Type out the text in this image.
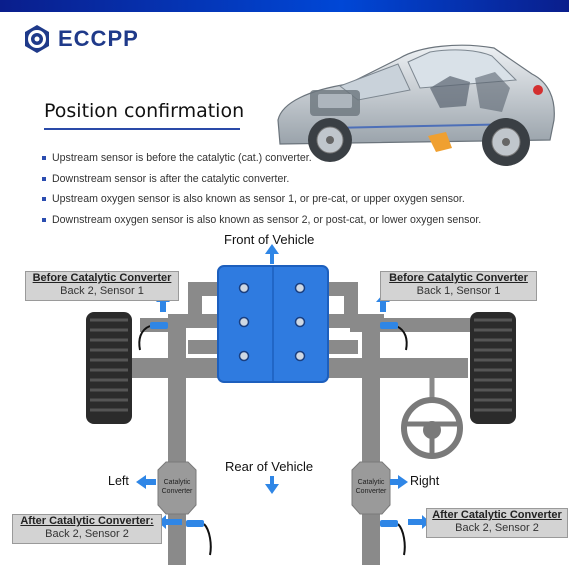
ECCPP
Position confirmation
Upstream sensor is before the catalytic (cat.) converter.
Downstream sensor is after the catalytic converter.
Upstream oxygen sensor is also known as sensor 1, or pre-cat, or upper oxygen sensor.
Downstream oxygen sensor is also known as sensor 2, or post-cat, or lower oxygen sensor.
Front of Vehicle
Rear of Vehicle
Left	Right
Catalytic
Converter
Catalytic
Converter
Before Catalytic Converter
Back 2, Sensor 1
Before Catalytic Converter
Back 1, Sensor 1
After Catalytic Converter:
Back 2, Sensor 2
After Catalytic Converter
Back 2, Sensor 2
